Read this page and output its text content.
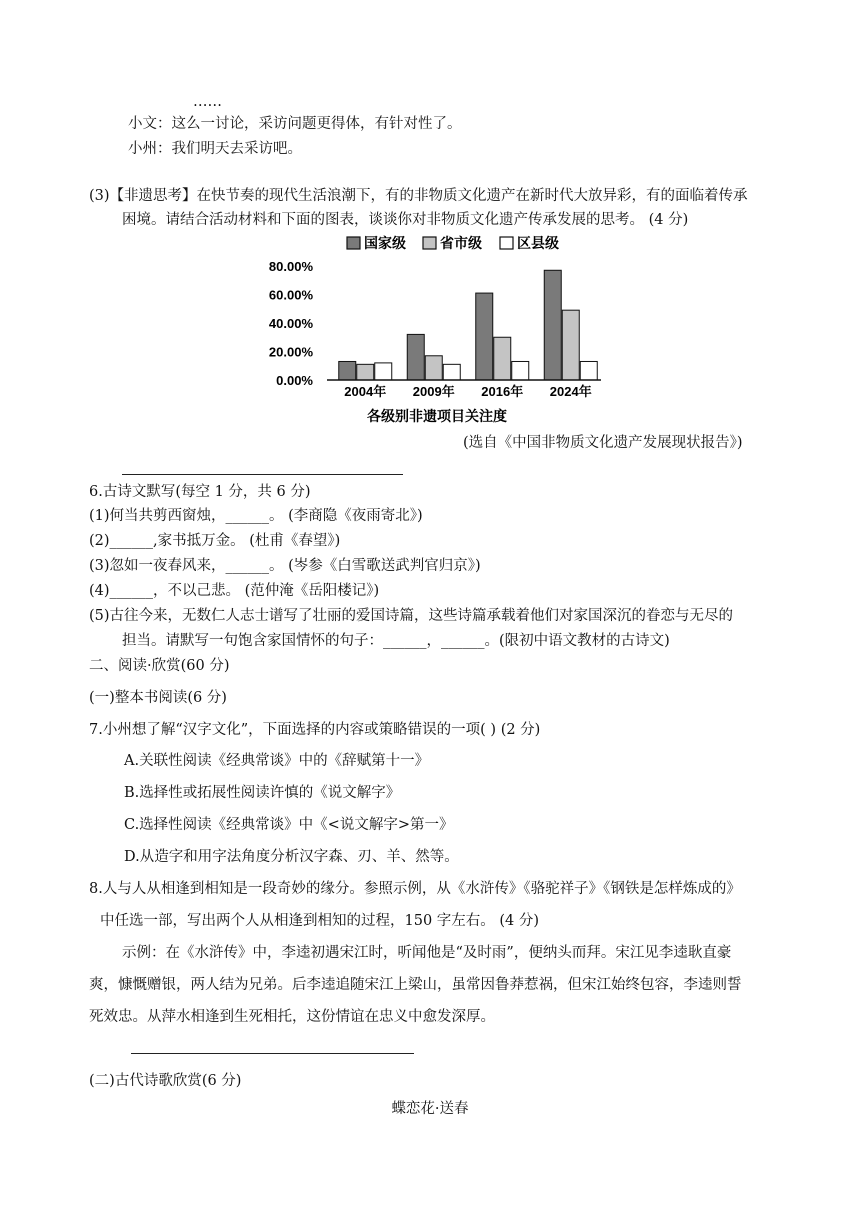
……
小文：这么一讨论，采访问题更得体，有针对性了。
小州：我们明天去采访吧。
(3)【非遗思考】在快节奏的现代生活浪潮下，有的非物质文化遗产在新时代大放异彩，有的面临着传承
困境。请结合活动材料和下面的图表，谈谈你对非物质文化遗产传承发展的思考。 (4 分)
国家级 省市级	区县级
80.00%
60.00%
40.00%
20.00%
0.00%
2004年 2009年 2016年 2024年
各级别非遗项目关注度
(选自《中国非物质文化遗产发展现状报告》)
6.古诗文默写(每空 1 分，共 6 分)
(1)何当共剪西窗烛，______。 (李商隐《夜雨寄北》)
(2)______,家书抵万金。 (杜甫《春望》)
(3)忽如一夜春风来，______。 (岑参《白雪歌送武判官归京》)
(4)______，不以己悲。 (范仲淹《岳阳楼记》)
(5)古往今来，无数仁人志士谱写了壮丽的爱国诗篇，这些诗篇承载着他们对家国深沉的眷恋与无尽的
担当。请默写一句饱含家国情怀的句子：______，______。(限初中语文教材的古诗文)
二、阅读·欣赏(60 分)
(一)整本书阅读(6 分)
7.小州想了解“汉字文化”，下面选择的内容或策略错误的一项( ) (2 分)
A.关联性阅读《经典常谈》中的《辞赋第十一》
B.选择性或拓展性阅读许慎的《说文解字》
C.选择性阅读《经典常谈》中《<说文解字>第一》
D.从造字和用字法角度分析汉字森、刃、羊、然等。
8.人与人从相逢到相知是一段奇妙的缘分。参照示例，从《水浒传》《骆驼祥子》《钢铁是怎样炼成的》
中任选一部，写出两个人从相逢到相知的过程，150 字左右。 (4 分)
示例：在《水浒传》中，李逵初遇宋江时，听闻他是“及时雨”，便纳头而拜。宋江见李逵耿直豪
爽，慷慨赠银，两人结为兄弟。后李逵追随宋江上梁山，虽常因鲁莽惹祸，但宋江始终包容，李逵则誓
死效忠。从萍水相逢到生死相托，这份情谊在忠义中愈发深厚。
(二)古代诗歌欣赏(6 分)
蝶恋花·送春
